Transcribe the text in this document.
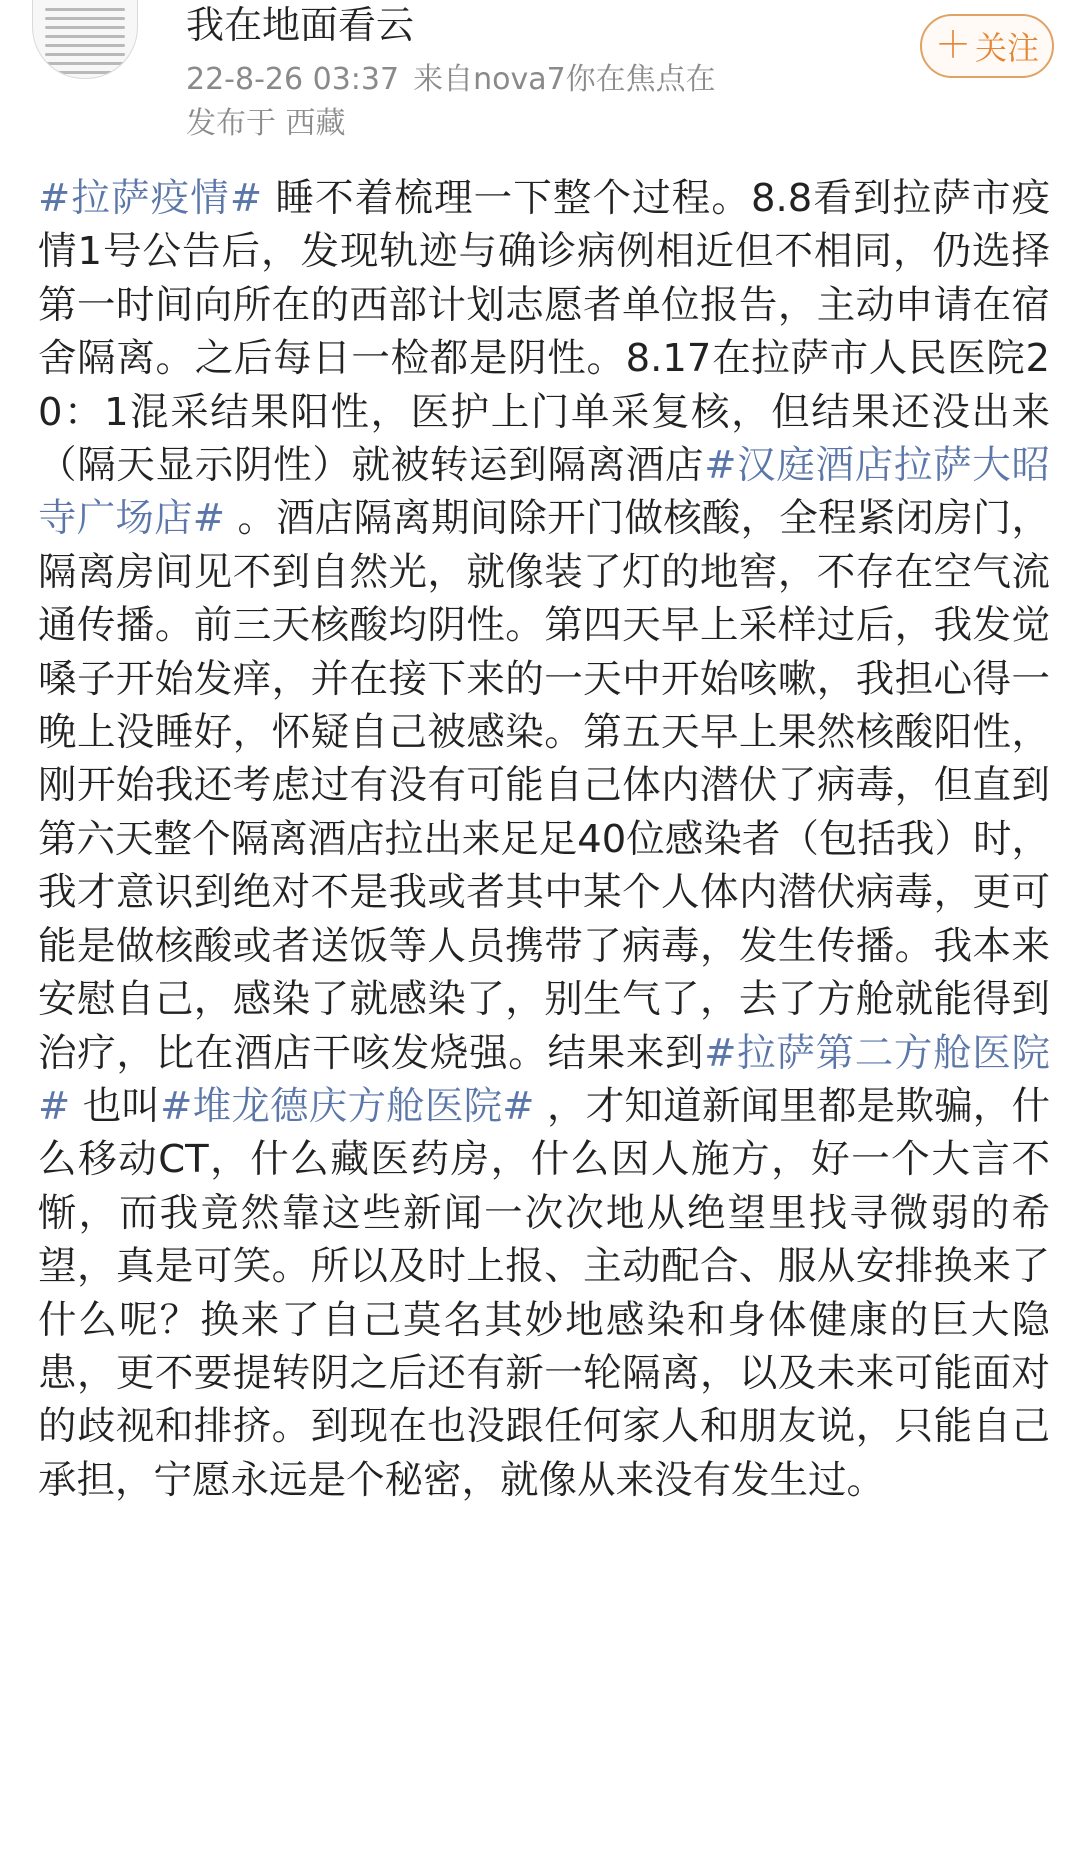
我在地面看云
22-8-26 03:37 来自nova7你在焦点在
发布于 西藏
＋ 关注
#拉萨疫情# 睡不着梳理一下整个过程。8.8看到拉萨市疫情1号公告后，发现轨迹与确诊病例相近但不相同，仍选择第一时间向所在的西部计划志愿者单位报告，主动申请在宿舍隔离。之后每日一检都是阴性。8.17在拉萨市人民医院20：1混采结果阳性，医护上门单采复核，但结果还没出来（隔天显示阴性）就被转运到隔离酒店#汉庭酒店拉萨大昭寺广场店# 。酒店隔离期间除开门做核酸，全程紧闭房门，隔离房间见不到自然光，就像装了灯的地窖，不存在空气流通传播。前三天核酸均阴性。第四天早上采样过后，我发觉嗓子开始发痒，并在接下来的一天中开始咳嗽，我担心得一晚上没睡好，怀疑自己被感染。第五天早上果然核酸阳性，刚开始我还考虑过有没有可能自己体内潜伏了病毒，但直到第六天整个隔离酒店拉出来足足40位感染者（包括我）时，我才意识到绝对不是我或者其中某个人体内潜伏病毒，更可能是做核酸或者送饭等人员携带了病毒，发生传播。我本来安慰自己，感染了就感染了，别生气了，去了方舱就能得到治疗，比在酒店干咳发烧强。结果来到#拉萨第二方舱医院# 也叫#堆龙德庆方舱医院# ，才知道新闻里都是欺骗，什么移动CT，什么藏医药房，什么因人施方，好一个大言不惭，而我竟然靠这些新闻一次次地从绝望里找寻微弱的希望，真是可笑。所以及时上报、主动配合、服从安排换来了什么呢？换来了自己莫名其妙地感染和身体健康的巨大隐患，更不要提转阴之后还有新一轮隔离，以及未来可能面对的歧视和排挤。到现在也没跟任何家人和朋友说，只能自己承担，宁愿永远是个秘密，就像从来没有发生过。
